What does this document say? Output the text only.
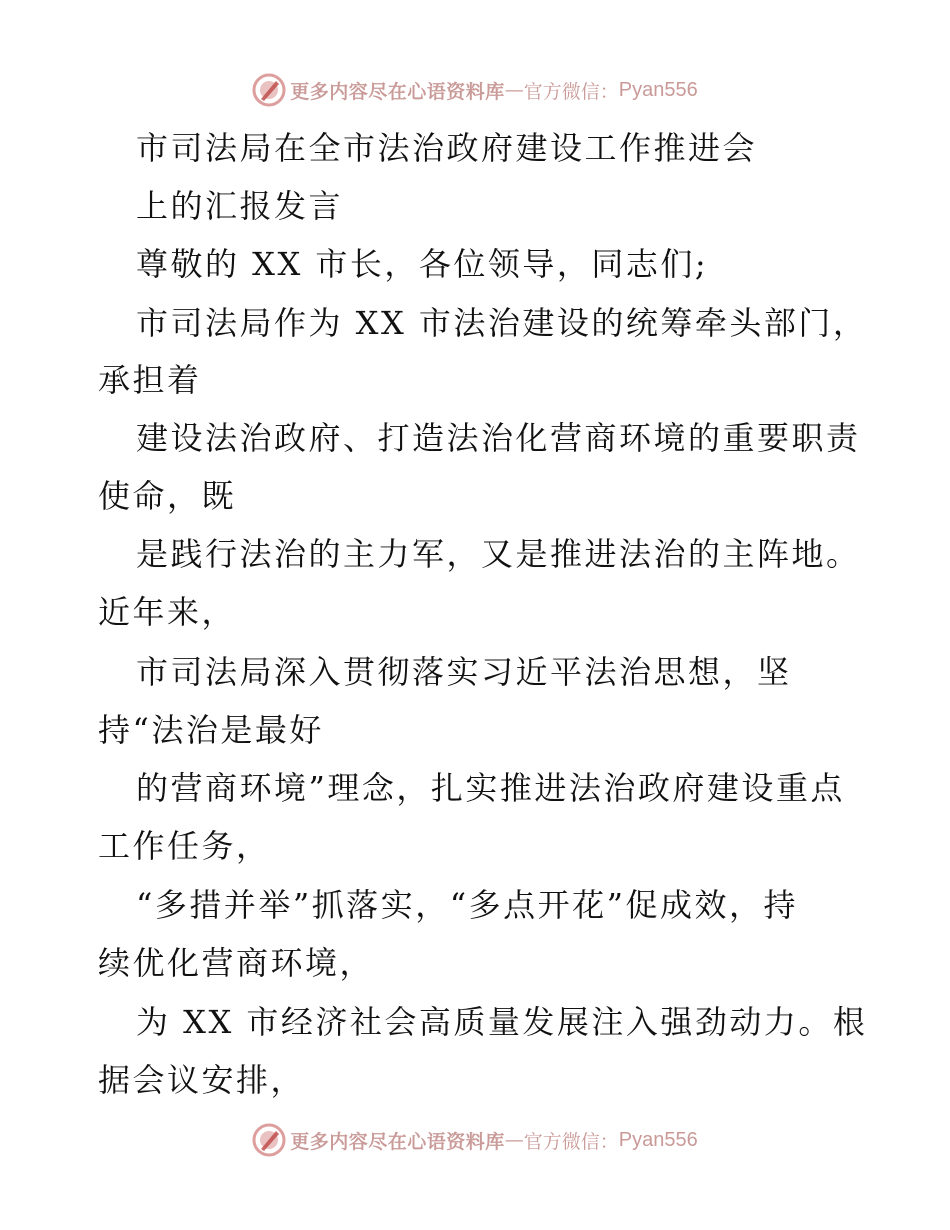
更多内容尽在心语资料库 — 官方微信： Pyan556
市司法局在全市法治政府建设工作推进会
上的汇报发言
尊敬的 XX 市长，各位领导，同志们;
市司法局作为 XX 市法治建设的统筹牵头部门，
承担着
建设法治政府、打造法治化营商环境的重要职责
使命，既
是践行法治的主力军，又是推进法治的主阵地。
近年来，
市司法局深入贯彻落实习近平法治思想，坚
持“法治是最好
的营商环境”理念，扎实推进法治政府建设重点
工作任务，
“多措并举”抓落实，“多点开花”促成效，持
续优化营商环境，
为 XX 市经济社会高质量发展注入强劲动力。根
据会议安排，
更多内容尽在心语资料库 — 官方微信： Pyan556
